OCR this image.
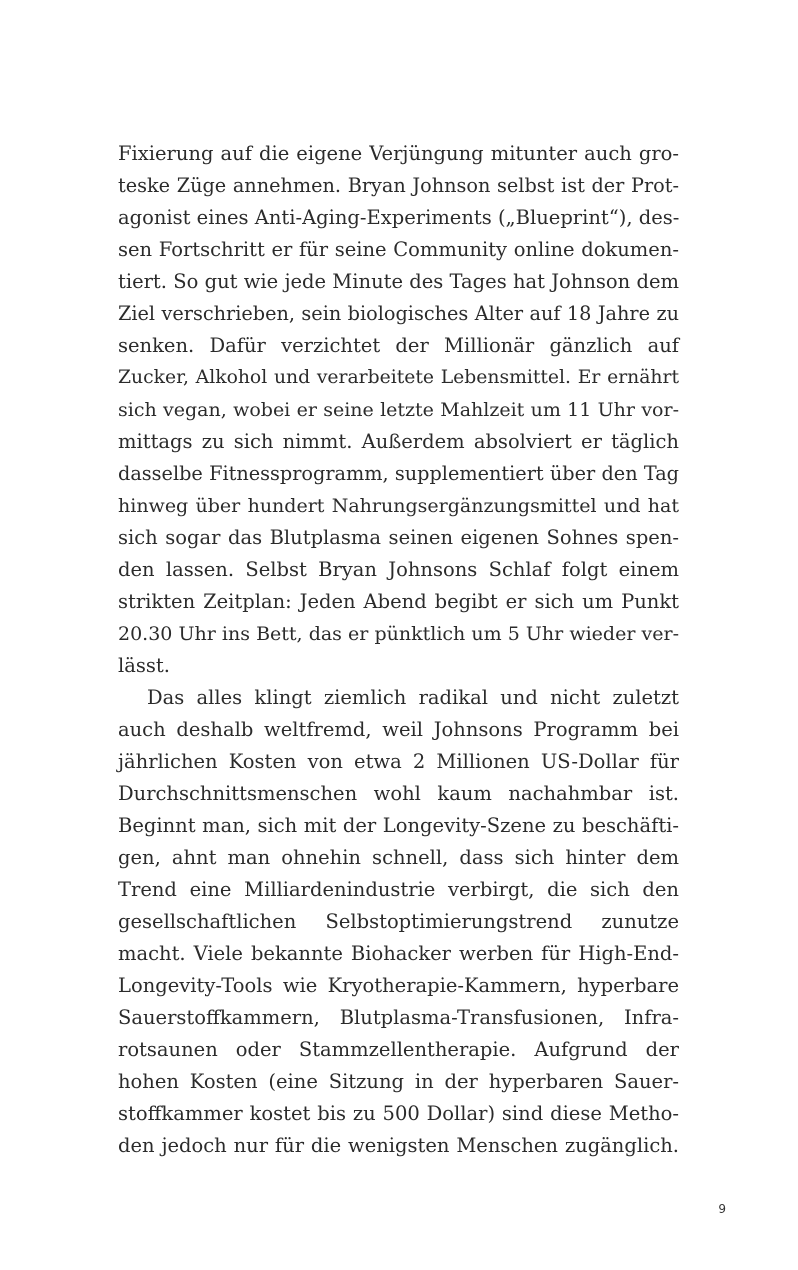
Fixierung auf die eigene Verjüngung mitunter auch gro-
teske Züge annehmen. Bryan Johnson selbst ist der Prot-
agonist eines Anti-Aging-Experiments („Blueprint“), des-
sen Fortschritt er für seine Community online dokumen-
tiert. So gut wie jede Minute des Tages hat Johnson dem
Ziel verschrieben, sein biologisches Alter auf 18 Jahre zu
senken. Dafür verzichtet der Millionär gänzlich auf
Zucker, Alkohol und verarbeitete Lebensmittel. Er ernährt
sich vegan, wobei er seine letzte Mahlzeit um 11 Uhr vor-
mittags zu sich nimmt. Außerdem absolviert er täglich
dasselbe Fitnessprogramm, supplementiert über den Tag
hinweg über hundert Nahrungsergänzungsmittel und hat
sich sogar das Blutplasma seinen eigenen Sohnes spen-
den lassen. Selbst Bryan Johnsons Schlaf folgt einem
strikten Zeitplan: Jeden Abend begibt er sich um Punkt
20.30 Uhr ins Bett, das er pünktlich um 5 Uhr wieder ver-
lässt.
Das alles klingt ziemlich radikal und nicht zuletzt
auch deshalb weltfremd, weil Johnsons Programm bei
jährlichen Kosten von etwa 2 Millionen US-Dollar für
Durchschnittsmenschen wohl kaum nachahmbar ist.
Beginnt man, sich mit der Longevity-Szene zu beschäfti-
gen, ahnt man ohnehin schnell, dass sich hinter dem
Trend eine Milliardenindustrie verbirgt, die sich den
gesellschaftlichen Selbstoptimierungstrend zunutze
macht. Viele bekannte Biohacker werben für High-End-
Longevity-Tools wie Kryotherapie-Kammern, hyperbare
Sauerstoffkammern, Blutplasma-Transfusionen, Infra-
rotsaunen oder Stammzellentherapie. Aufgrund der
hohen Kosten (eine Sitzung in der hyperbaren Sauer-
stoffkammer kostet bis zu 500 Dollar) sind diese Metho-
den jedoch nur für die wenigsten Menschen zugänglich.
9
